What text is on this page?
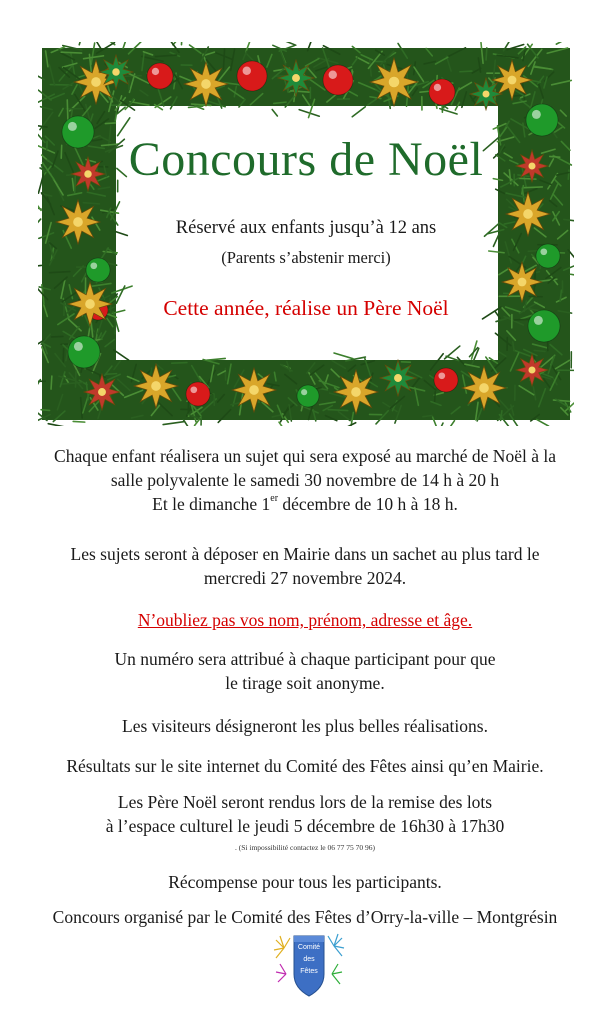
Concours de Noël
Réservé aux enfants jusqu’à 12 ans
(Parents s’abstenir merci)
Cette année, réalise un Père Noël
Chaque enfant réalisera un sujet qui sera exposé au marché de Noël à la
salle polyvalente le samedi 30 novembre de 14 h à 20 h
Et le dimanche 1er décembre de 10 h à 18 h.
Les sujets seront à déposer en Mairie dans un sachet au plus tard le
mercredi 27 novembre 2024.
N’oubliez pas vos nom, prénom, adresse et âge.
Un numéro sera attribué à chaque participant pour que
le tirage soit anonyme.
Les visiteurs désigneront les plus belles réalisations.
Résultats sur le site internet du Comité des Fêtes ainsi qu’en Mairie.
Les Père Noël seront rendus lors de la remise des lots
à l’espace culturel le jeudi 5 décembre de 16h30 à 17h30
. (Si impossibilité contactez le 06 77 75 70 96)
Récompense pour tous les participants.
Concours organisé par le Comité des Fêtes d’Orry-la-ville – Montgrésin
Comité
des
Fêtes
